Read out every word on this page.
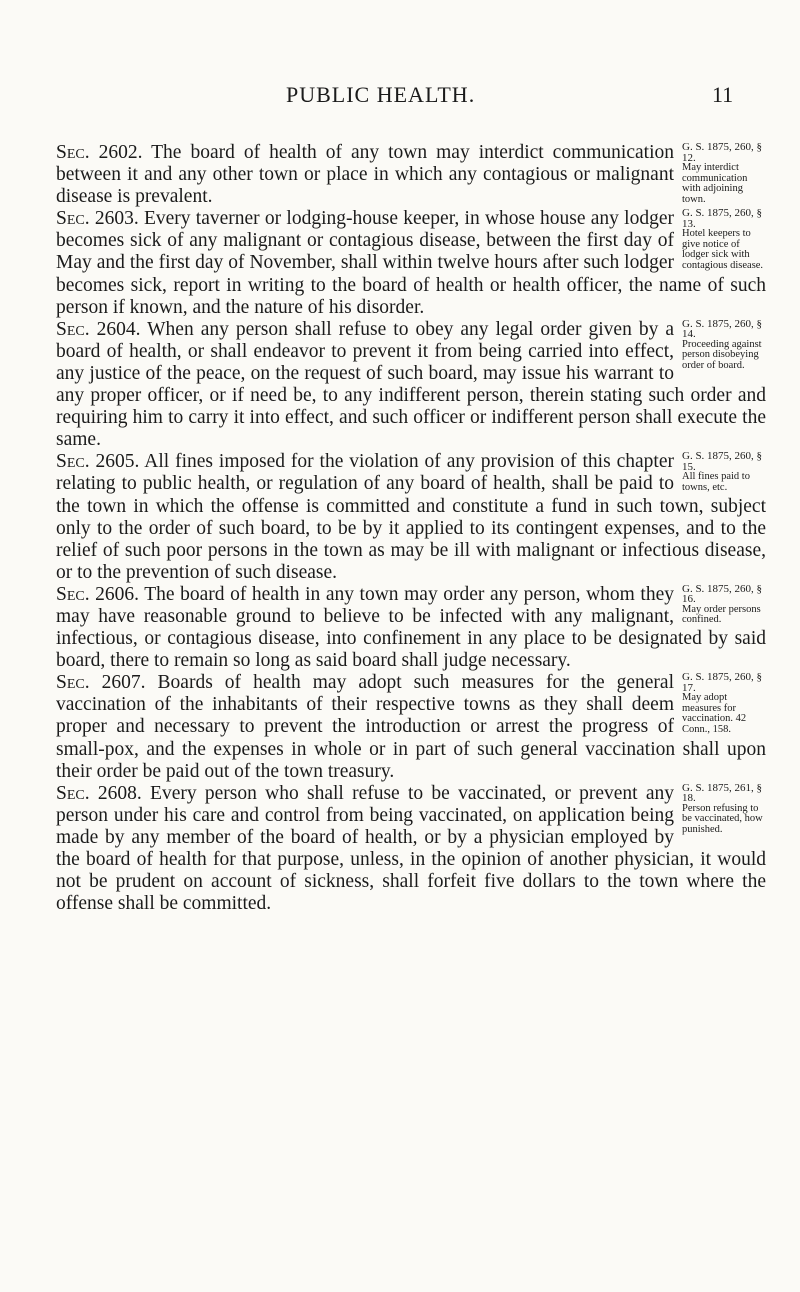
PUBLIC HEALTH.	11
G. S. 1875, 260, § 12.
May interdict communication with adjoining town.

Sec. 2602. The board of health of any town may interdict communication between it and any other town or place in which any contagious or malignant disease is prevalent.

G. S. 1875, 260, § 13.
Hotel keepers to give notice of lodger sick with contagious disease.

Sec. 2603. Every taverner or lodging-house keeper, in whose house any lodger becomes sick of any malignant or contagious disease, between the first day of May and the first day of November, shall within twelve hours after such lodger becomes sick, report in writing to the board of health or health officer, the name of such person if known, and the nature of his disorder.

G. S. 1875, 260, § 14.
Proceeding against person disobeying order of board.

Sec. 2604. When any person shall refuse to obey any legal order given by a board of health, or shall endeavor to prevent it from being carried into effect, any justice of the peace, on the request of such board, may issue his warrant to any proper officer, or if need be, to any indifferent person, therein stating such order and requiring him to carry it into effect, and such officer or indifferent person shall execute the same.

G. S. 1875, 260, § 15.
All fines paid to towns, etc.

Sec. 2605. All fines imposed for the violation of any provision of this chapter relating to public health, or regulation of any board of health, shall be paid to the town in which the offense is committed and constitute a fund in such town, subject only to the order of such board, to be by it applied to its contingent expenses, and to the relief of such poor persons in the town as may be ill with malignant or infectious disease, or to the prevention of such disease.

G. S. 1875, 260, § 16.
May order persons confined.

Sec. 2606. The board of health in any town may order any person, whom they may have reasonable ground to believe to be infected with any malignant, infectious, or contagious disease, into confinement in any place to be designated by said board, there to remain so long as said board shall judge necessary.

G. S. 1875, 260, § 17.
May adopt measures for vaccination. 42 Conn., 158.

Sec. 2607. Boards of health may adopt such measures for the general vaccination of the inhabitants of their respective towns as they shall deem proper and necessary to prevent the introduction or arrest the progress of small-pox, and the expenses in whole or in part of such general vaccination shall upon their order be paid out of the town treasury.

G. S. 1875, 261, § 18.
Person refusing to be vaccinated, how punished.

Sec. 2608. Every person who shall refuse to be vaccinated, or prevent any person under his care and control from being vaccinated, on application being made by any member of the board of health, or by a physician employed by the board of health for that purpose, unless, in the opinion of another physician, it would not be prudent on account of sickness, shall forfeit five dollars to the town where the offense shall be committed.
